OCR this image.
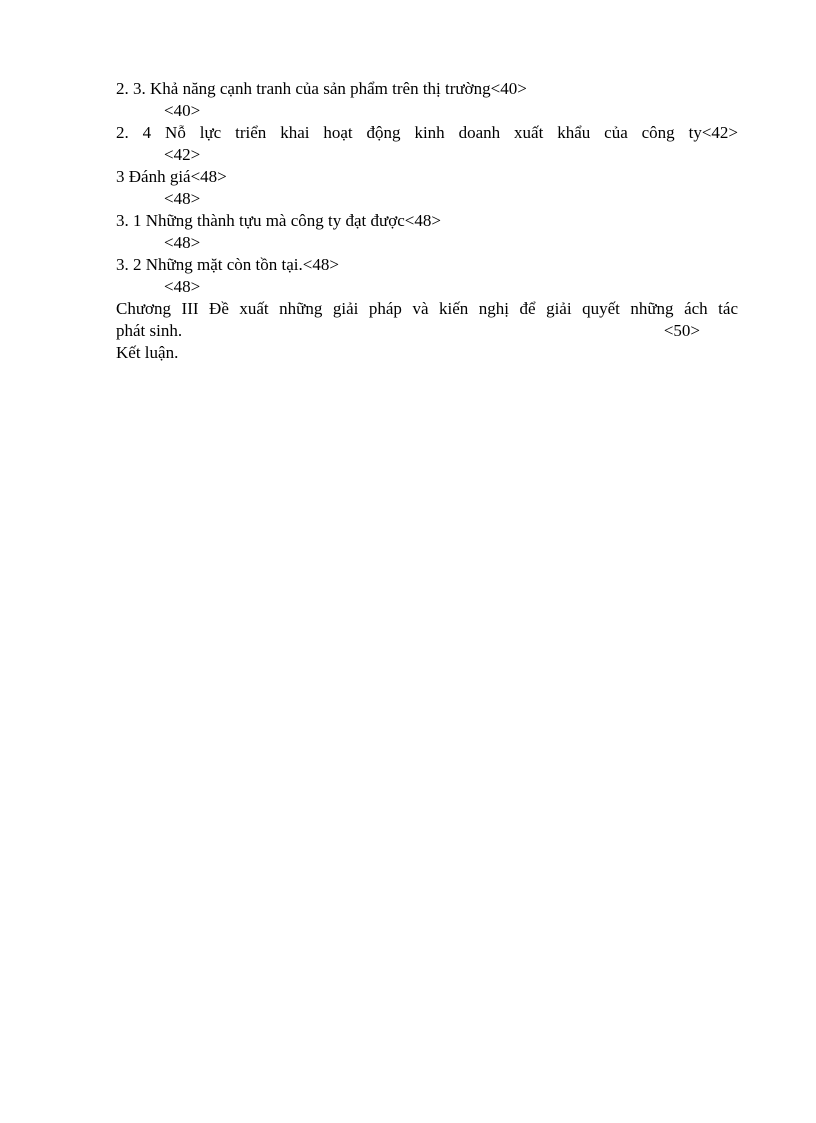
2. 3. Khả năng cạnh tranh của sản phẩm trên thị trường<40>
<40>
2. 4 Nỗ lực triển khai hoạt động kinh doanh xuất khẩu của công ty<42>
<42>
3 Đánh giá<48>
<48>
3. 1 Những thành tựu mà công ty đạt được<48>
<48>
3. 2 Những mặt còn tồn tại.<48>
<48>
Chương III Đề xuất những giải pháp và kiến nghị để giải quyết những ách tác
phát sinh.	<50>
Kết luận.
